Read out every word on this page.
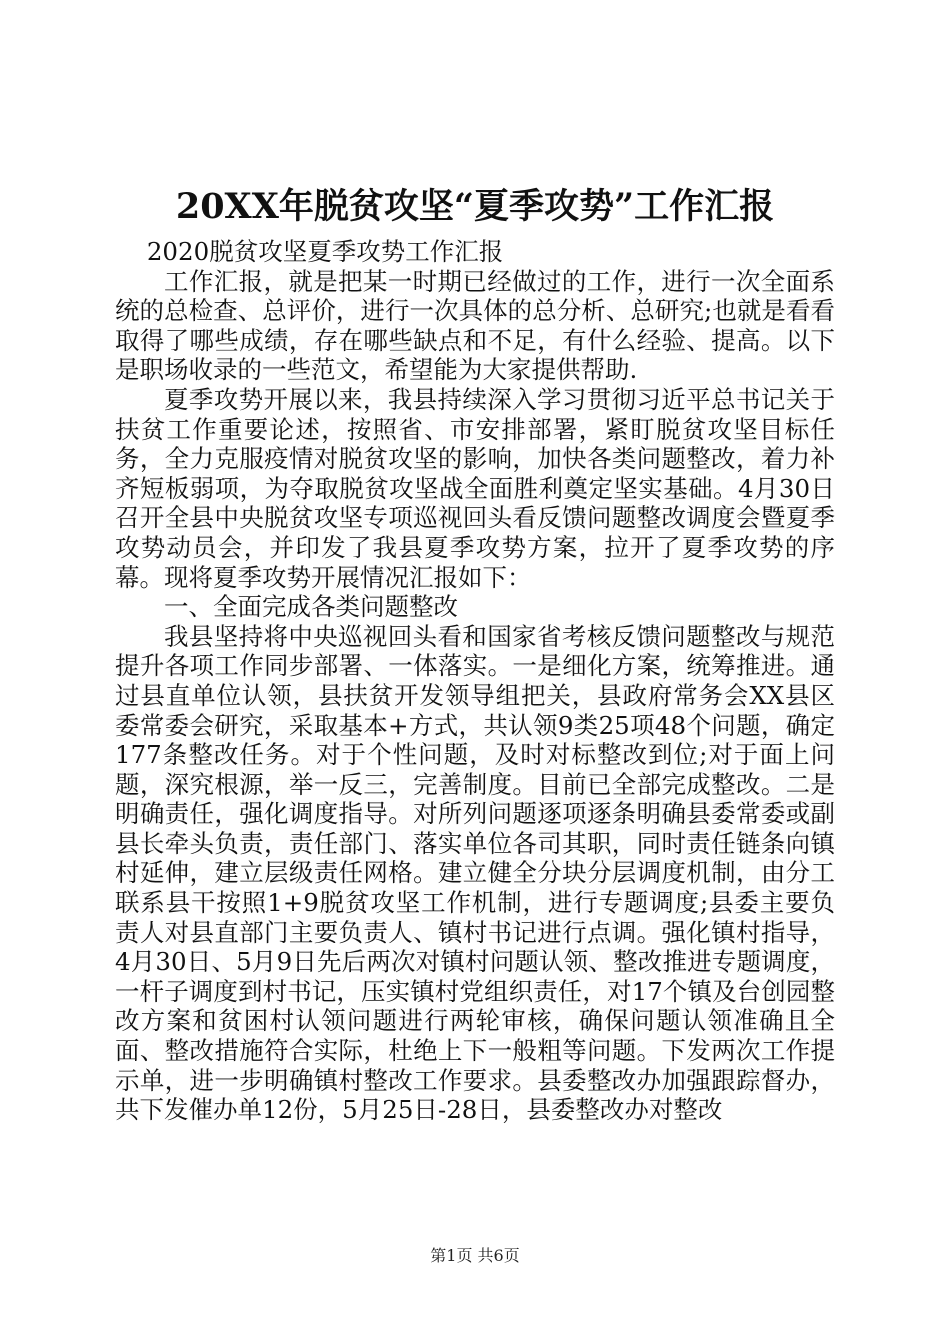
20XX年脱贫攻坚“夏季攻势”工作汇报

2020脱贫攻坚夏季攻势工作汇报

工作汇报，就是把某一时期已经做过的工作，进行一次全面系统的总检查、总评价，进行一次具体的总分析、总研究;也就是看看取得了哪些成绩，存在哪些缺点和不足，有什么经验、提高。以下是职场收录的一些范文，希望能为大家提供帮助.

夏季攻势开展以来，我县持续深入学习贯彻习近平总书记关于扶贫工作重要论述，按照省、市安排部署，紧盯脱贫攻坚目标任务，全力克服疫情对脱贫攻坚的影响，加快各类问题整改，着力补齐短板弱项，为夺取脱贫攻坚战全面胜利奠定坚实基础。4月30日召开全县中央脱贫攻坚专项巡视回头看反馈问题整改调度会暨夏季攻势动员会，并印发了我县夏季攻势方案，拉开了夏季攻势的序幕。现将夏季攻势开展情况汇报如下：

一、全面完成各类问题整改

我县坚持将中央巡视回头看和国家省考核反馈问题整改与规范提升各项工作同步部署、一体落实。一是细化方案，统筹推进。通过县直单位认领，县扶贫开发领导组把关，县政府常务会XX县区委常委会研究，采取基本+方式，共认领9类25项48个问题，确定177条整改任务。对于个性问题，及时对标整改到位;对于面上问题，深究根源，举一反三，完善制度。目前已全部完成整改。二是明确责任，强化调度指导。对所列问题逐项逐条明确县委常委或副县长牵头负责，责任部门、落实单位各司其职，同时责任链条向镇村延伸，建立层级责任网格。建立健全分块分层调度机制，由分工联系县干按照1+9脱贫攻坚工作机制，进行专题调度;县委主要负责人对县直部门主要负责人、镇村书记进行点调。强化镇村指导，4月30日、5月9日先后两次对镇村问题认领、整改推进专题调度，一杆子调度到村书记，压实镇村党组织责任，对17个镇及台创园整改方案和贫困村认领问题进行两轮审核，确保问题认领准确且全面、整改措施符合实际，杜绝上下一般粗等问题。下发两次工作提示单，进一步明确镇村整改工作要求。县委整改办加强跟踪督办，共下发催办单12份，5月25日-28日，县委整改办对整改

第1页 共6页
